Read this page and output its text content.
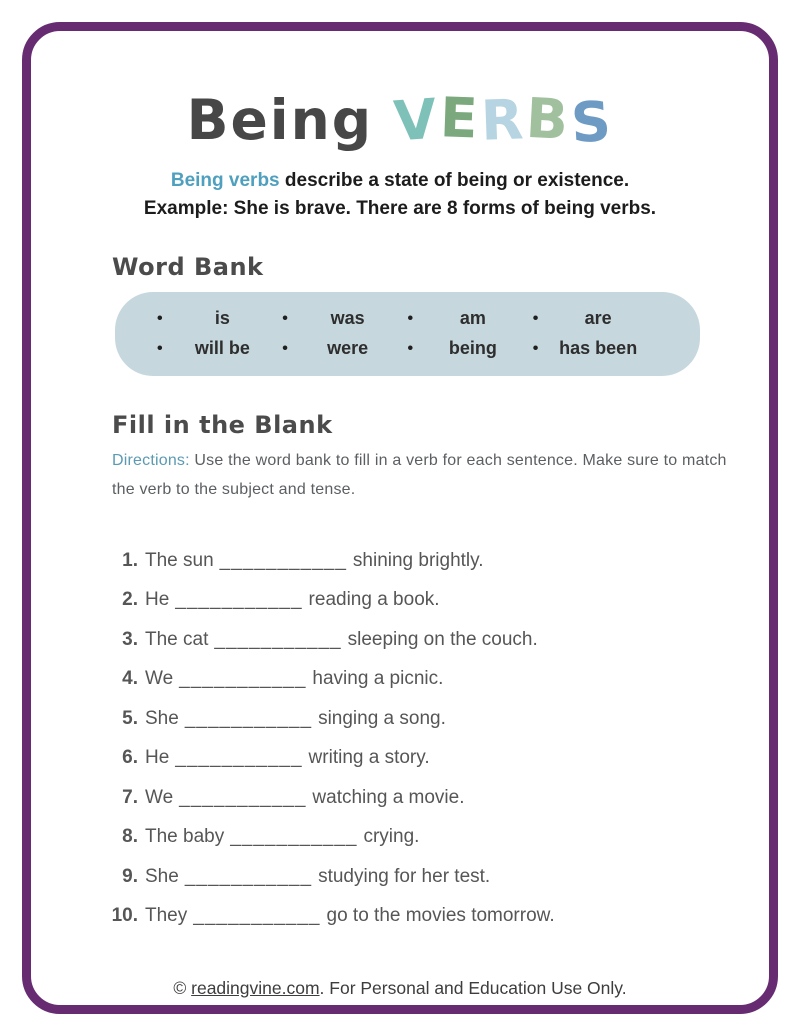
Being VERBS
Being verbs describe a state of being or existence.
Example: She is brave. There are 8 forms of being verbs.
Word Bank
•	is	•	was	•	am	•	are
•	will be	•	were	•	being	•	has been
Fill in the Blank

Directions: Use the word bank to fill in a verb for each sentence. Make sure to match the verb to the subject and tense.

1. The sun ___________ shining brightly.
2. He ___________ reading a book.
3. The cat ___________ sleeping on the couch.
4. We ___________ having a picnic.
5. She ___________ singing a song.
6. He ___________ writing a story.
7. We ___________ watching a movie.
8. The baby ___________ crying.
9. She ___________ studying for her test.
10. They ___________ go to the movies tomorrow.
© readingvine.com. For Personal and Education Use Only.
